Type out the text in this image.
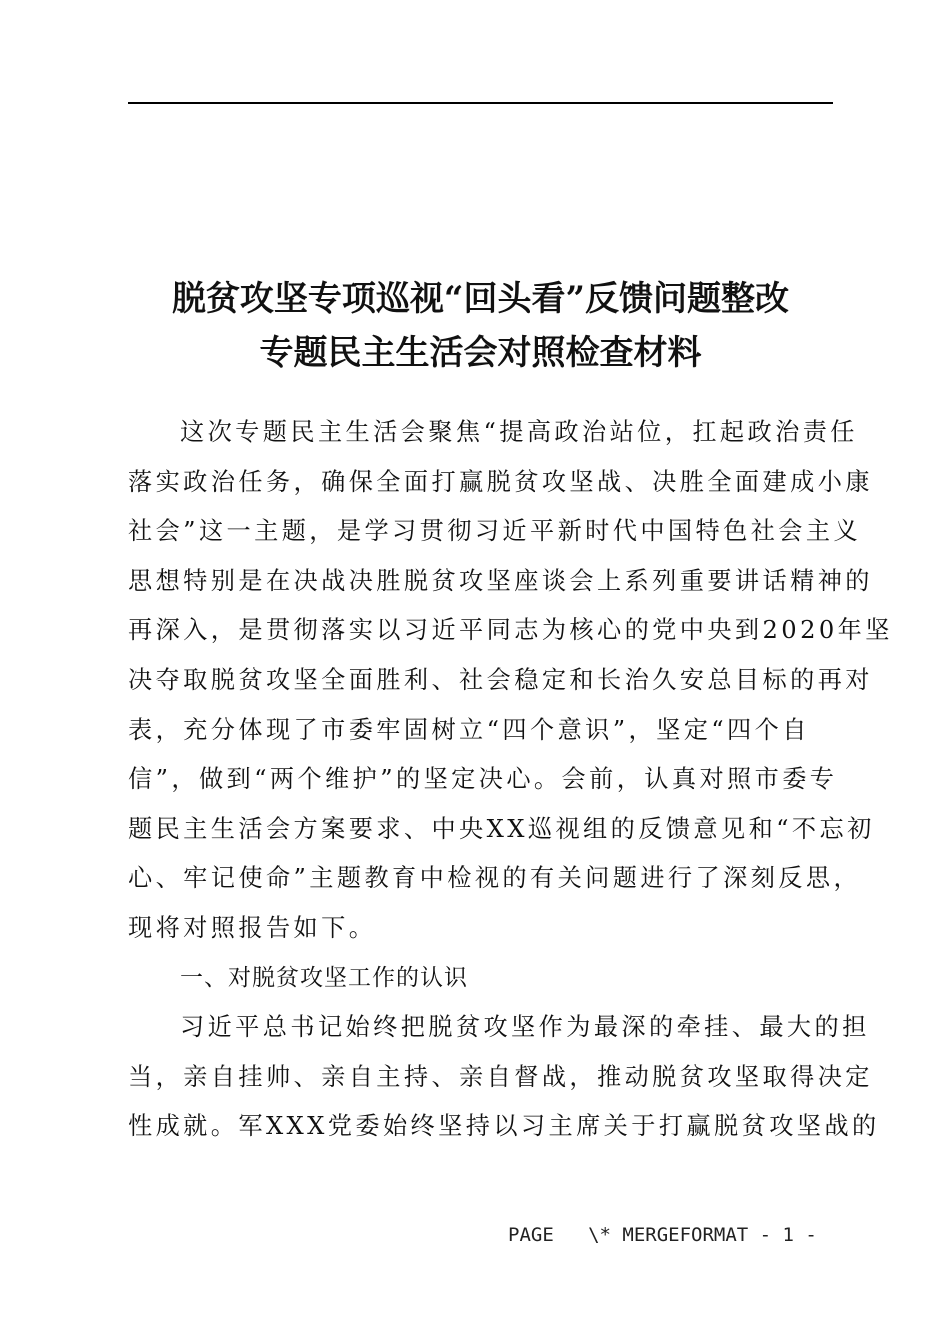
脱贫攻坚专项巡视“回头看”反馈问题整改
专题民主生活会对照检查材料
这次专题民主生活会聚焦“提高政治站位，扛起政治责任
落实政治任务，确保全面打赢脱贫攻坚战、决胜全面建成小康
社会”这一主题，是学习贯彻习近平新时代中国特色社会主义
思想特别是在决战决胜脱贫攻坚座谈会上系列重要讲话精神的
再深入，是贯彻落实以习近平同志为核心的党中央到2020年坚
决夺取脱贫攻坚全面胜利、社会稳定和长治久安总目标的再对
表，充分体现了市委牢固树立“四个意识”，坚定“四个自
信”，做到“两个维护”的坚定决心。会前，认真对照市委专
题民主生活会方案要求、中央XX巡视组的反馈意见和“不忘初
心、牢记使命”主题教育中检视的有关问题进行了深刻反思，
现将对照报告如下。
一、对脱贫攻坚工作的认识
习近平总书记始终把脱贫攻坚作为最深的牵挂、最大的担
当，亲自挂帅、亲自主持、亲自督战，推动脱贫攻坚取得决定
性成就。军XXX党委始终坚持以习主席关于打赢脱贫攻坚战的
PAGE   \* MERGEFORMAT - 1 -
